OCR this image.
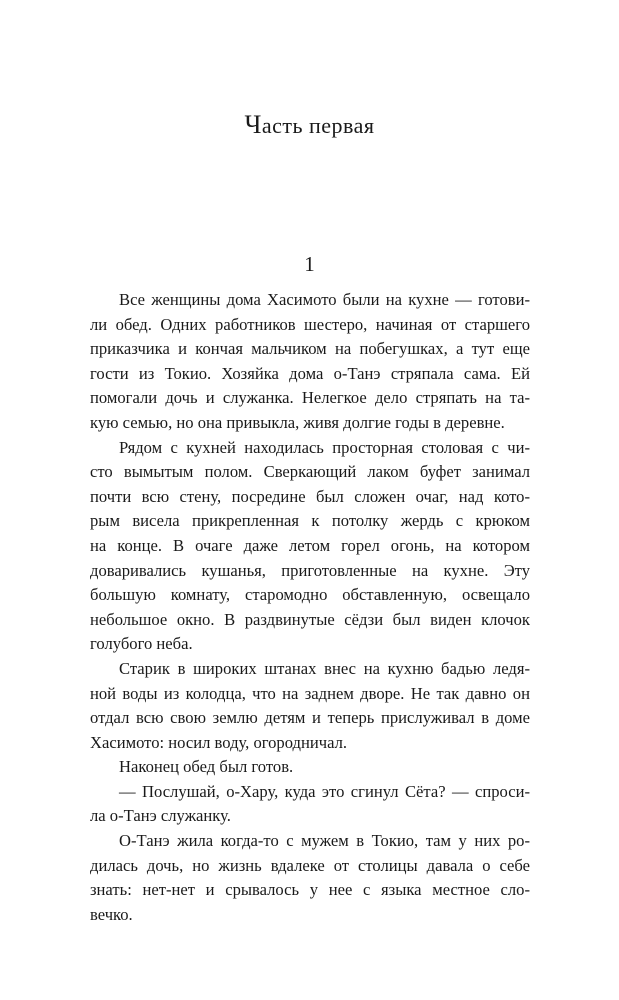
Часть первая
1

Все женщины дома Хасимото были на кухне — готови-
ли обед. Одних работников шестеро, начиная от старшего
приказчика и кончая мальчиком на побегушках, а тут еще
гости из Токио. Хозяйка дома о-Танэ стряпала сама. Ей
помогали дочь и служанка. Нелегкое дело стряпать на та-
кую семью, но она привыкла, живя долгие годы в деревне.
Рядом с кухней находилась просторная столовая с чи-
сто вымытым полом. Сверкающий лаком буфет занимал
почти всю стену, посредине был сложен очаг, над кото-
рым висела прикрепленная к потолку жердь с крюком
на конце. В очаге даже летом горел огонь, на котором
доваривались кушанья, приготовленные на кухне. Эту
большую комнату, старомодно обставленную, освещало
небольшое окно. В раздвинутые сёдзи был виден клочок
голубого неба.
Старик в широких штанах внес на кухню бадью ледя-
ной воды из колодца, что на заднем дворе. Не так давно он
отдал всю свою землю детям и теперь прислуживал в доме
Хасимото: носил воду, огородничал.
Наконец обед был готов.
— Послушай, о-Хару, куда это сгинул Сёта? — спроси-
ла о-Танэ служанку.
О-Танэ жила когда-то с мужем в Токио, там у них ро-
дилась дочь, но жизнь вдалеке от столицы давала о себе
знать: нет-нет и срывалось у нее с языка местное сло-
вечко.
